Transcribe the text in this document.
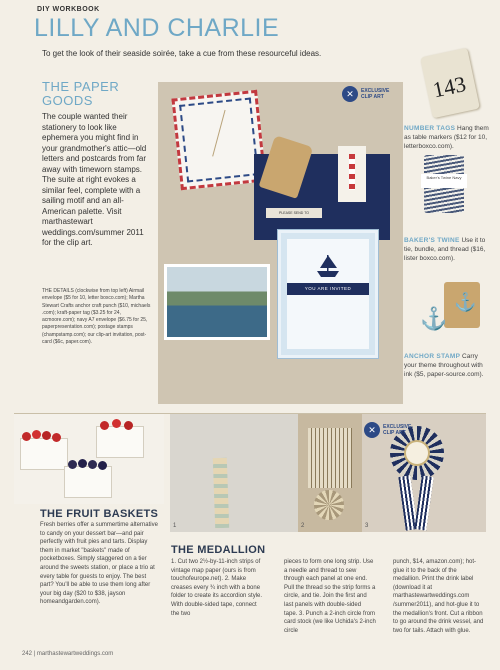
DIY WORKBOOK
LILLY AND CHARLIE
To get the look of their seaside soirée, take a cue from these resourceful ideas.
THE PAPER
GOODS
The couple wanted their stationery to look like ephemera you might find in your grandmother's attic—old letters and postcards from far away with timeworn stamps. The suite at right evokes a similar feel, complete with a sailing motif and an all-American palette. Visit marthastewart weddings.com/summer 2011 for the clip art.
THE DETAILS (clockwise from top left) Airmail envelope ($5 for 10, letter boxco.com); Martha Stewart Crafts anchor craft punch ($10, michaels .com); kraft-paper tag ($3.25 for 24, acmoore.com); navy A7 envelope ($6.75 for 25, paperpresentation.com); postage stamps (champstamp.com); our clip-art invitation, post-card ($6c, paper.com).
PLEASE SEND TO
YOU ARE INVITED
✕	EXCLUSIVE
CLIP ART 143
NUMBER TAGS Hang them as table markers ($12 for 10, letterboxco.com).
Baker's Twine Navy
BAKER'S TWINE Use it to tie, bundle, and thread ($16, lister boxco.com).
⚓
⚓
ANCHOR STAMP Carry your theme throughout with ink ($5, paper-source.com).
THE FRUIT BASKETS
Fresh berries offer a summertime alternative to candy on your dessert bar—and pair perfectly with fruit pies and tarts. Display them in market "baskets" made of pocketboxes. Simply staggered on a tier around the sweets station, or place a trio at every table for guests to enjoy. The best part? You'll be able to use them long after your big day ($20 to $38, jayson homeandgarden.com).
1	2
✕	EXCLUSIVE
CLIP ART
3
THE MEDALLION
1. Cut two 2½-by-11-inch strips of vintage map paper (ours is from touchofeurope.net). 2. Make creases every ¾ inch with a bone folder to create its accordion style. With double-sided tape, connect the two
pieces to form one long strip. Use a needle and thread to sew through each panel at one end. Pull the thread so the strip forms a circle, and tie. Join the first and last panels with double-sided tape. 3. Punch a 2-inch circle from card stock (we like Uchida's 2-inch circle
punch, $14, amazon.com); hot-glue it to the back of the medallion. Print the drink label (download it at marthastewartweddings.com /summer2011), and hot-glue it to the medallion's front. Cut a ribbon to go around the drink vessel, and two for tails. Attach with glue.
242 | marthastewartweddings.com
